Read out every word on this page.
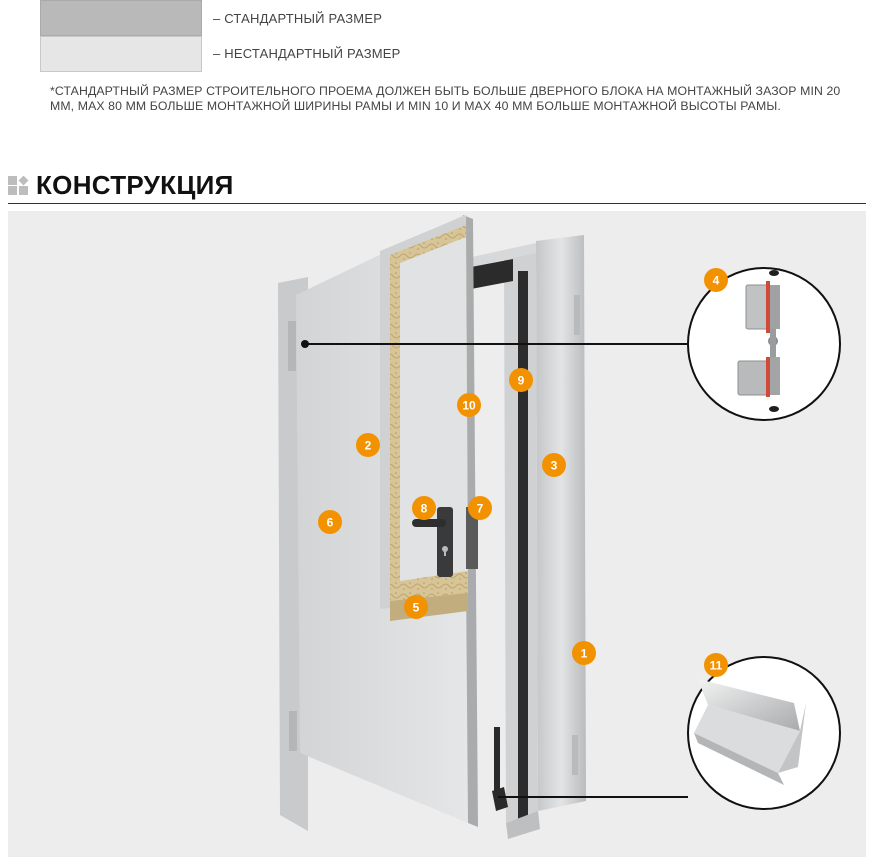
– СТАНДАРТНЫЙ РАЗМЕР
– НЕСТАНДАРТНЫЙ РАЗМЕР
*СТАНДАРТНЫЙ РАЗМЕР СТРОИТЕЛЬНОГО ПРОЕМА ДОЛЖЕН БЫТЬ БОЛЬШЕ ДВЕРНОГО БЛОКА НА МОНТАЖНЫЙ ЗАЗОР MIN 20 ММ, MAX 80 ММ БОЛЬШЕ МОНТАЖНОЙ ШИРИНЫ РАМЫ И MIN 10 И MAX 40 ММ БОЛЬШЕ МОНТАЖНОЙ ВЫСОТЫ РАМЫ.
КОНСТРУКЦИЯ
1
2
3
4
5
6
7
8
9
10
11
